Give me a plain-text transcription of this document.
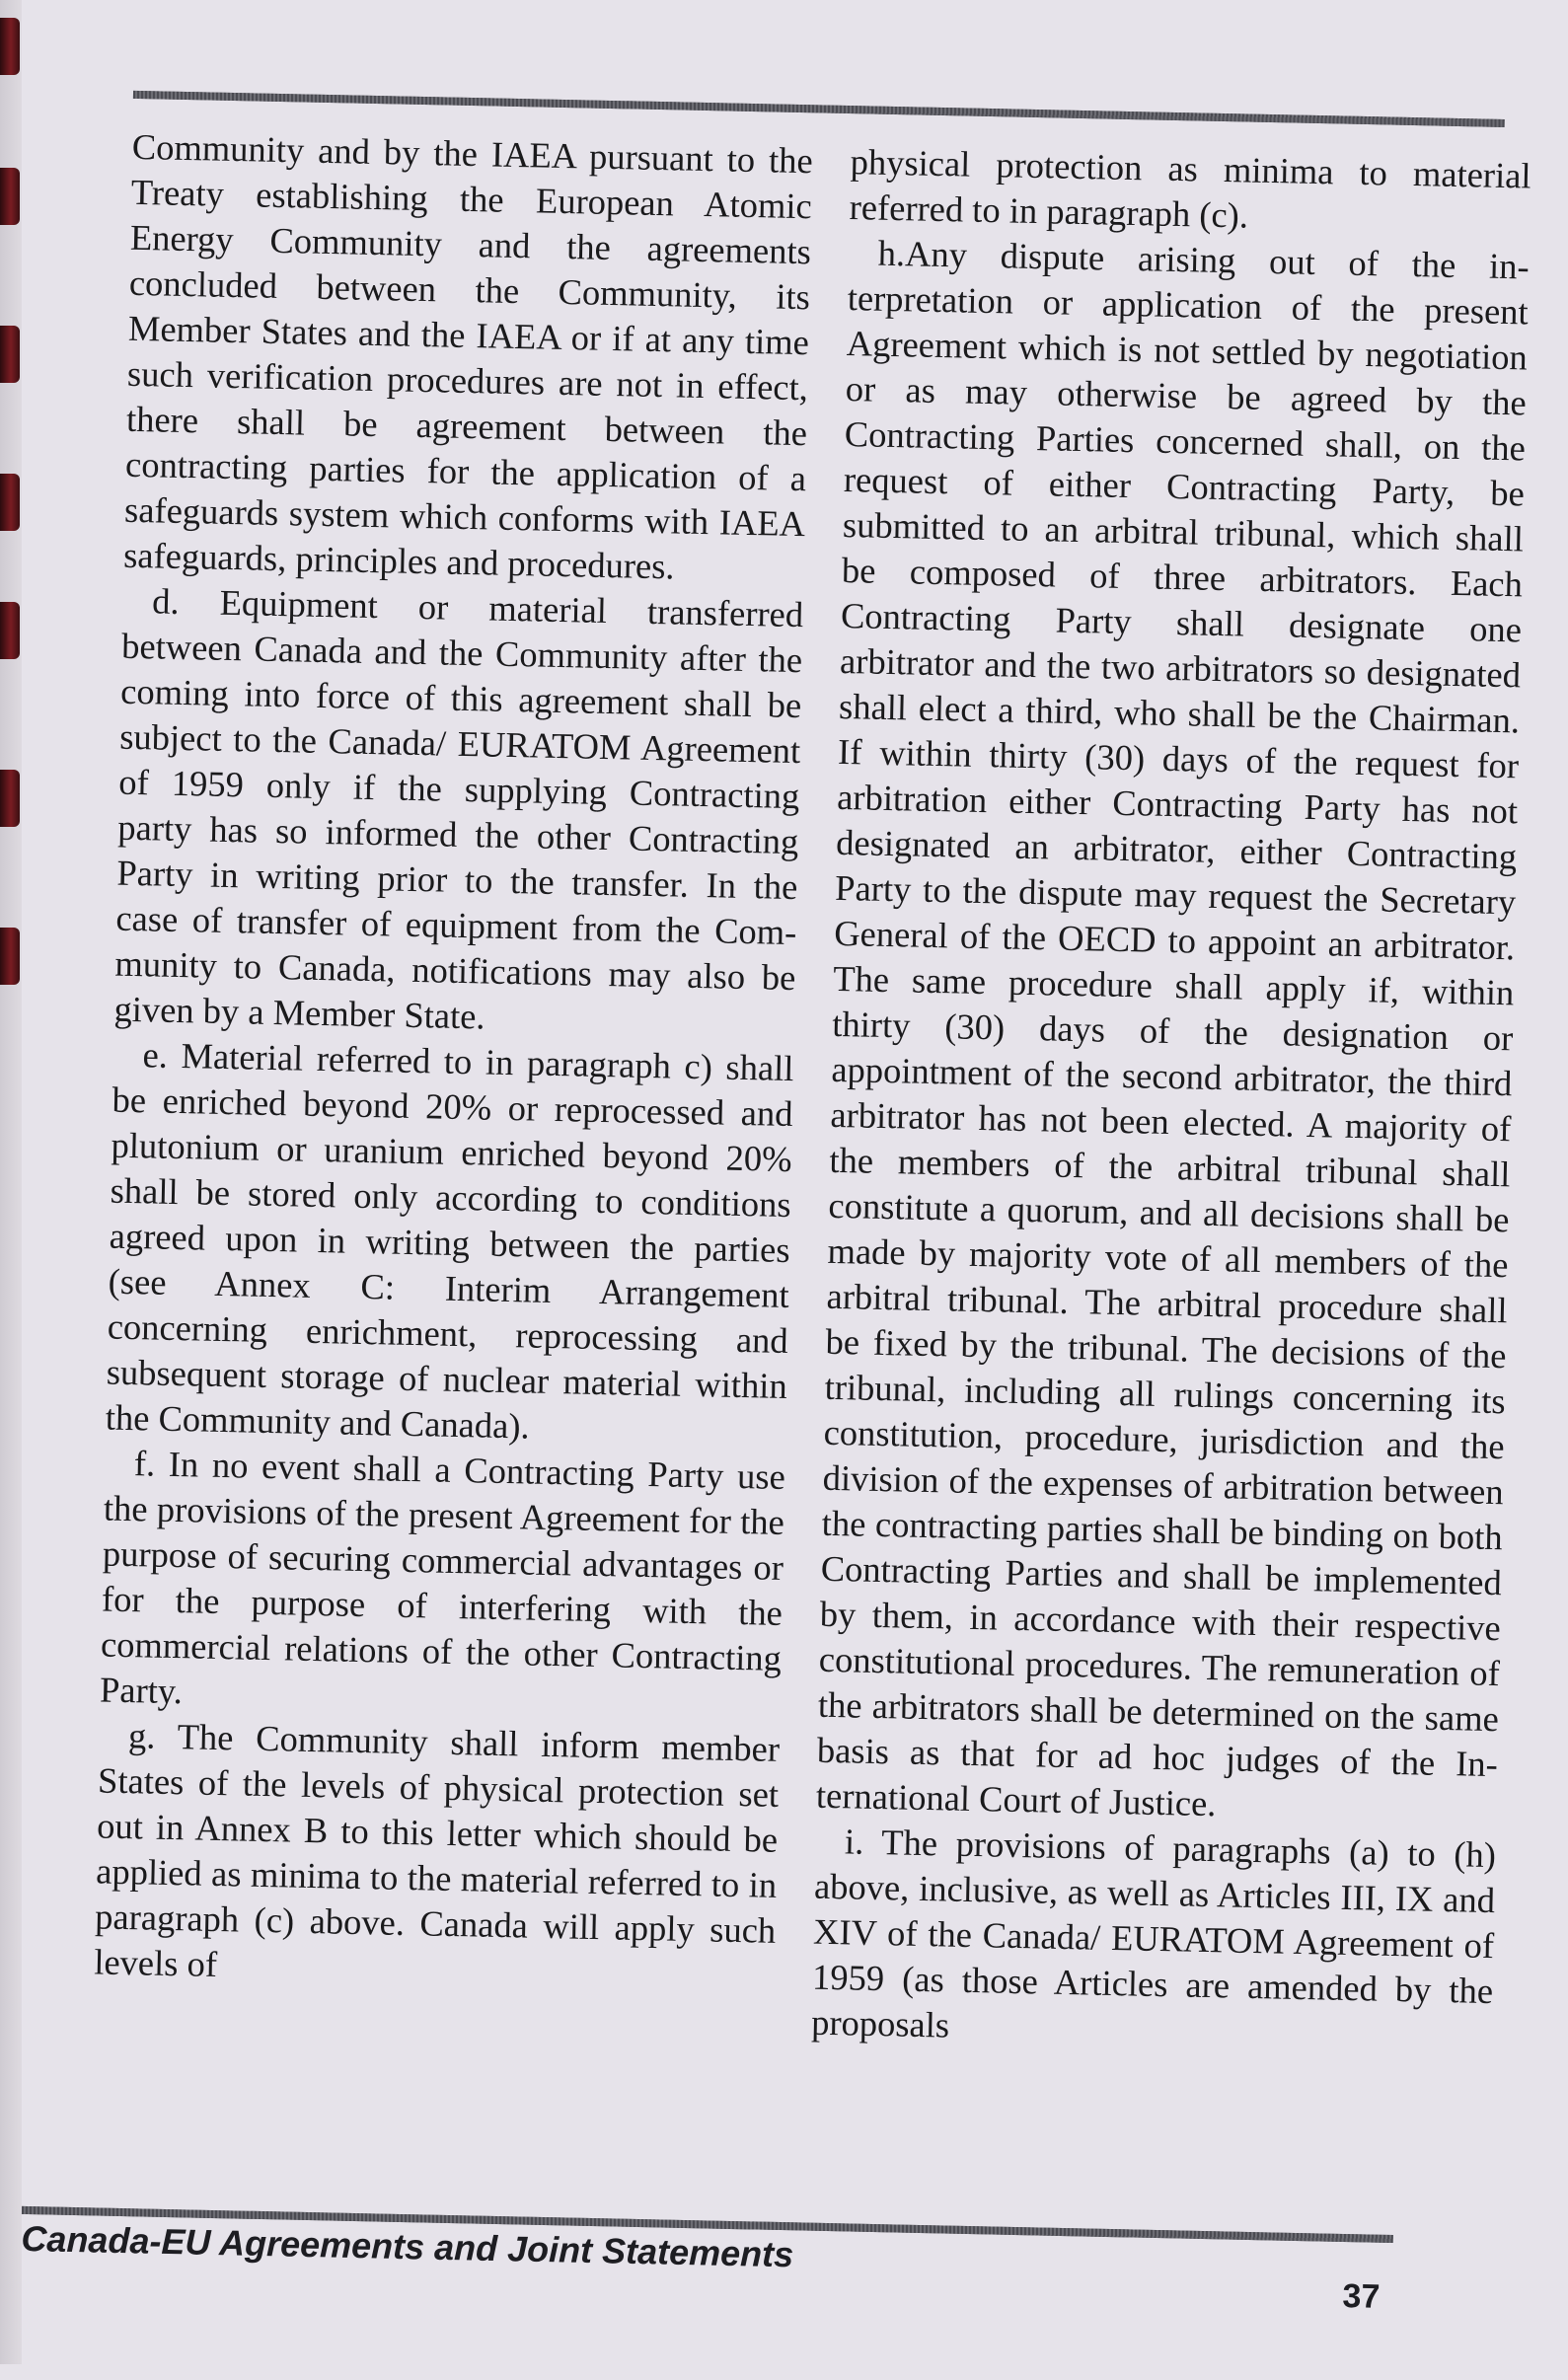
Community and by the IAEA pursuant to the Treaty establishing the European Atomic Energy Community and the agreements concluded between the Community, its Member States and the IAEA or if at any time such verification procedures are not in effect, there shall be agreement between the contracting parties for the application of a safeguards system which conforms with IAEA safeguards, principles and procedures.

d. Equipment or material transferred between Canada and the Community after the coming into force of this agreement shall be subject to the Canada/ EURATOM Agreement of 1959 only if the supplying Contracting party has so informed the other Contracting Party in writing prior to the transfer. In the case of transfer of equipment from the Community to Canada, notifications may also be given by a Member State.

e. Material referred to in paragraph c) shall be enriched beyond 20% or reprocessed and plutonium or uranium enriched beyond 20% shall be stored only according to conditions agreed upon in writing between the parties (see Annex C: Interim Arrangement concerning enrichment, reprocessing and subsequent storage of nuclear material within the Community and Canada).

f. In no event shall a Contracting Party use the provisions of the present Agreement for the purpose of securing commercial advantages or for the purpose of interfering with the commercial relations of the other Contracting Party.

g. The Community shall inform member States of the levels of physical protection set out in Annex B to this letter which should be applied as minima to the material referred to in paragraph (c) above. Canada will apply such levels of

physical protection as minima to material referred to in paragraph (c).

h.Any dispute arising out of the interpretation or application of the present Agreement which is not settled by negotiation or as may otherwise be agreed by the Contracting Parties concerned shall, on the request of either Contracting Party, be submitted to an arbitral tribunal, which shall be composed of three arbitrators. Each Contracting Party shall designate one arbitrator and the two arbitrators so designated shall elect a third, who shall be the Chairman. If within thirty (30) days of the request for arbitration either Contracting Party has not designated an arbitrator, either Contracting Party to the dispute may request the Secretary General of the OECD to appoint an arbitrator. The same procedure shall apply if, within thirty (30) days of the designation or appointment of the second arbitrator, the third arbitrator has not been elected. A majority of the members of the arbitral tribunal shall constitute a quorum, and all decisions shall be made by majority vote of all members of the arbitral tribunal. The arbitral procedure shall be fixed by the tribunal. The decisions of the tribunal, including all rulings concerning its constitution, procedure, jurisdiction and the division of the expenses of arbitration between the contracting parties shall be binding on both Contracting Parties and shall be implemented by them, in accordance with their respective constitutional procedures. The remuneration of the arbitrators shall be determined on the same basis as that for ad hoc judges of the International Court of Justice.

i. The provisions of paragraphs (a) to (h) above, inclusive, as well as Articles III, IX and XIV of the Canada/ EURATOM Agreement of 1959 (as those Articles are amended by the proposals

Canada-EU Agreements and Joint Statements
37
